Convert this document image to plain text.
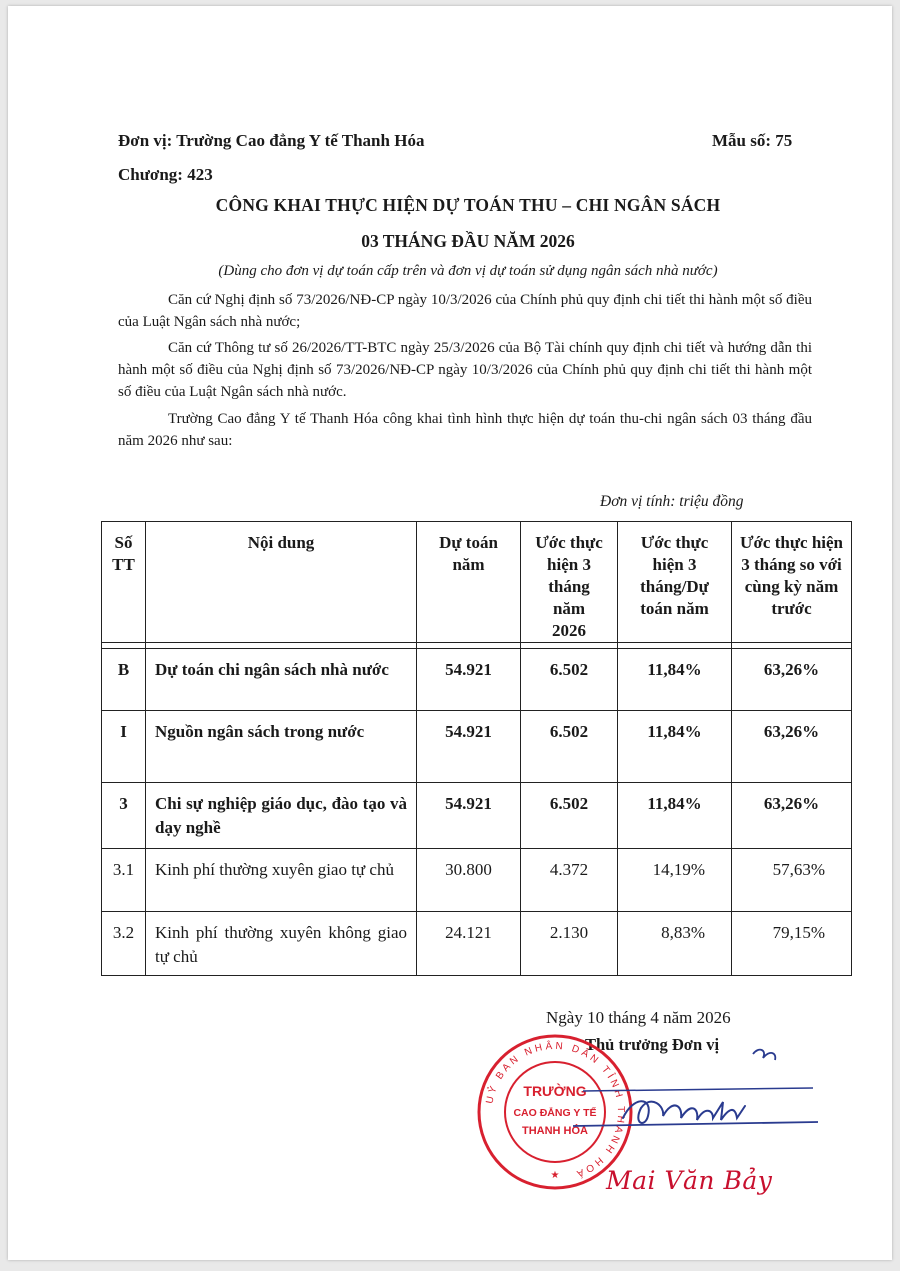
Đơn vị: Trường Cao đẳng Y tế Thanh Hóa
Chương: 423
Mẫu số: 75
CÔNG KHAI THỰC HIỆN DỰ TOÁN THU – CHI NGÂN SÁCH
03 THÁNG ĐẦU NĂM 2026
(Dùng cho đơn vị dự toán cấp trên và đơn vị dự toán sử dụng ngân sách nhà nước)
Căn cứ Nghị định số 73/2026/NĐ-CP ngày 10/3/2026 của Chính phủ quy định chi tiết thi hành một số điều của Luật Ngân sách nhà nước;
Căn cứ Thông tư số 26/2026/TT-BTC ngày 25/3/2026 của Bộ Tài chính quy định chi tiết và hướng dẫn thi hành một số điều của Nghị định số 73/2026/NĐ-CP ngày 10/3/2026 của Chính phủ quy định chi tiết thi hành một số điều của Luật Ngân sách nhà nước.
Trường Cao đẳng Y tế Thanh Hóa công khai tình hình thực hiện dự toán thu-chi ngân sách 03 tháng đầu năm 2026 như sau:
Đơn vị tính: triệu đồng
Số TT	Nội dung	Dự toán năm	Ước thực hiện 3 tháng năm 2026	Ước thực hiện 3 tháng/Dự toán năm	Ước thực hiện 3 tháng so với cùng kỳ năm trước

B	Dự toán chi ngân sách nhà nước	54.921	6.502	11,84%	63,26%
I	Nguồn ngân sách trong nước	54.921	6.502	11,84%	63,26%
3	Chi sự nghiệp giáo dục, đào tạo và dạy nghề	54.921	6.502	11,84%	63,26%
3.1	Kinh phí thường xuyên giao tự chủ	30.800	4.372	14,19%	57,63%
3.2	Kinh phí thường xuyên không giao tự chủ	24.121	2.130	8,83%	79,15%
Ngày 10 tháng 4 năm 2026
Thủ trưởng Đơn vị
UỶ BAN NHÂN DÂN TỈNH THANH HOÁ
TRƯỜNG
CAO ĐẲNG Y TẾ
THANH HÓA
★ Mai Văn Bảy
